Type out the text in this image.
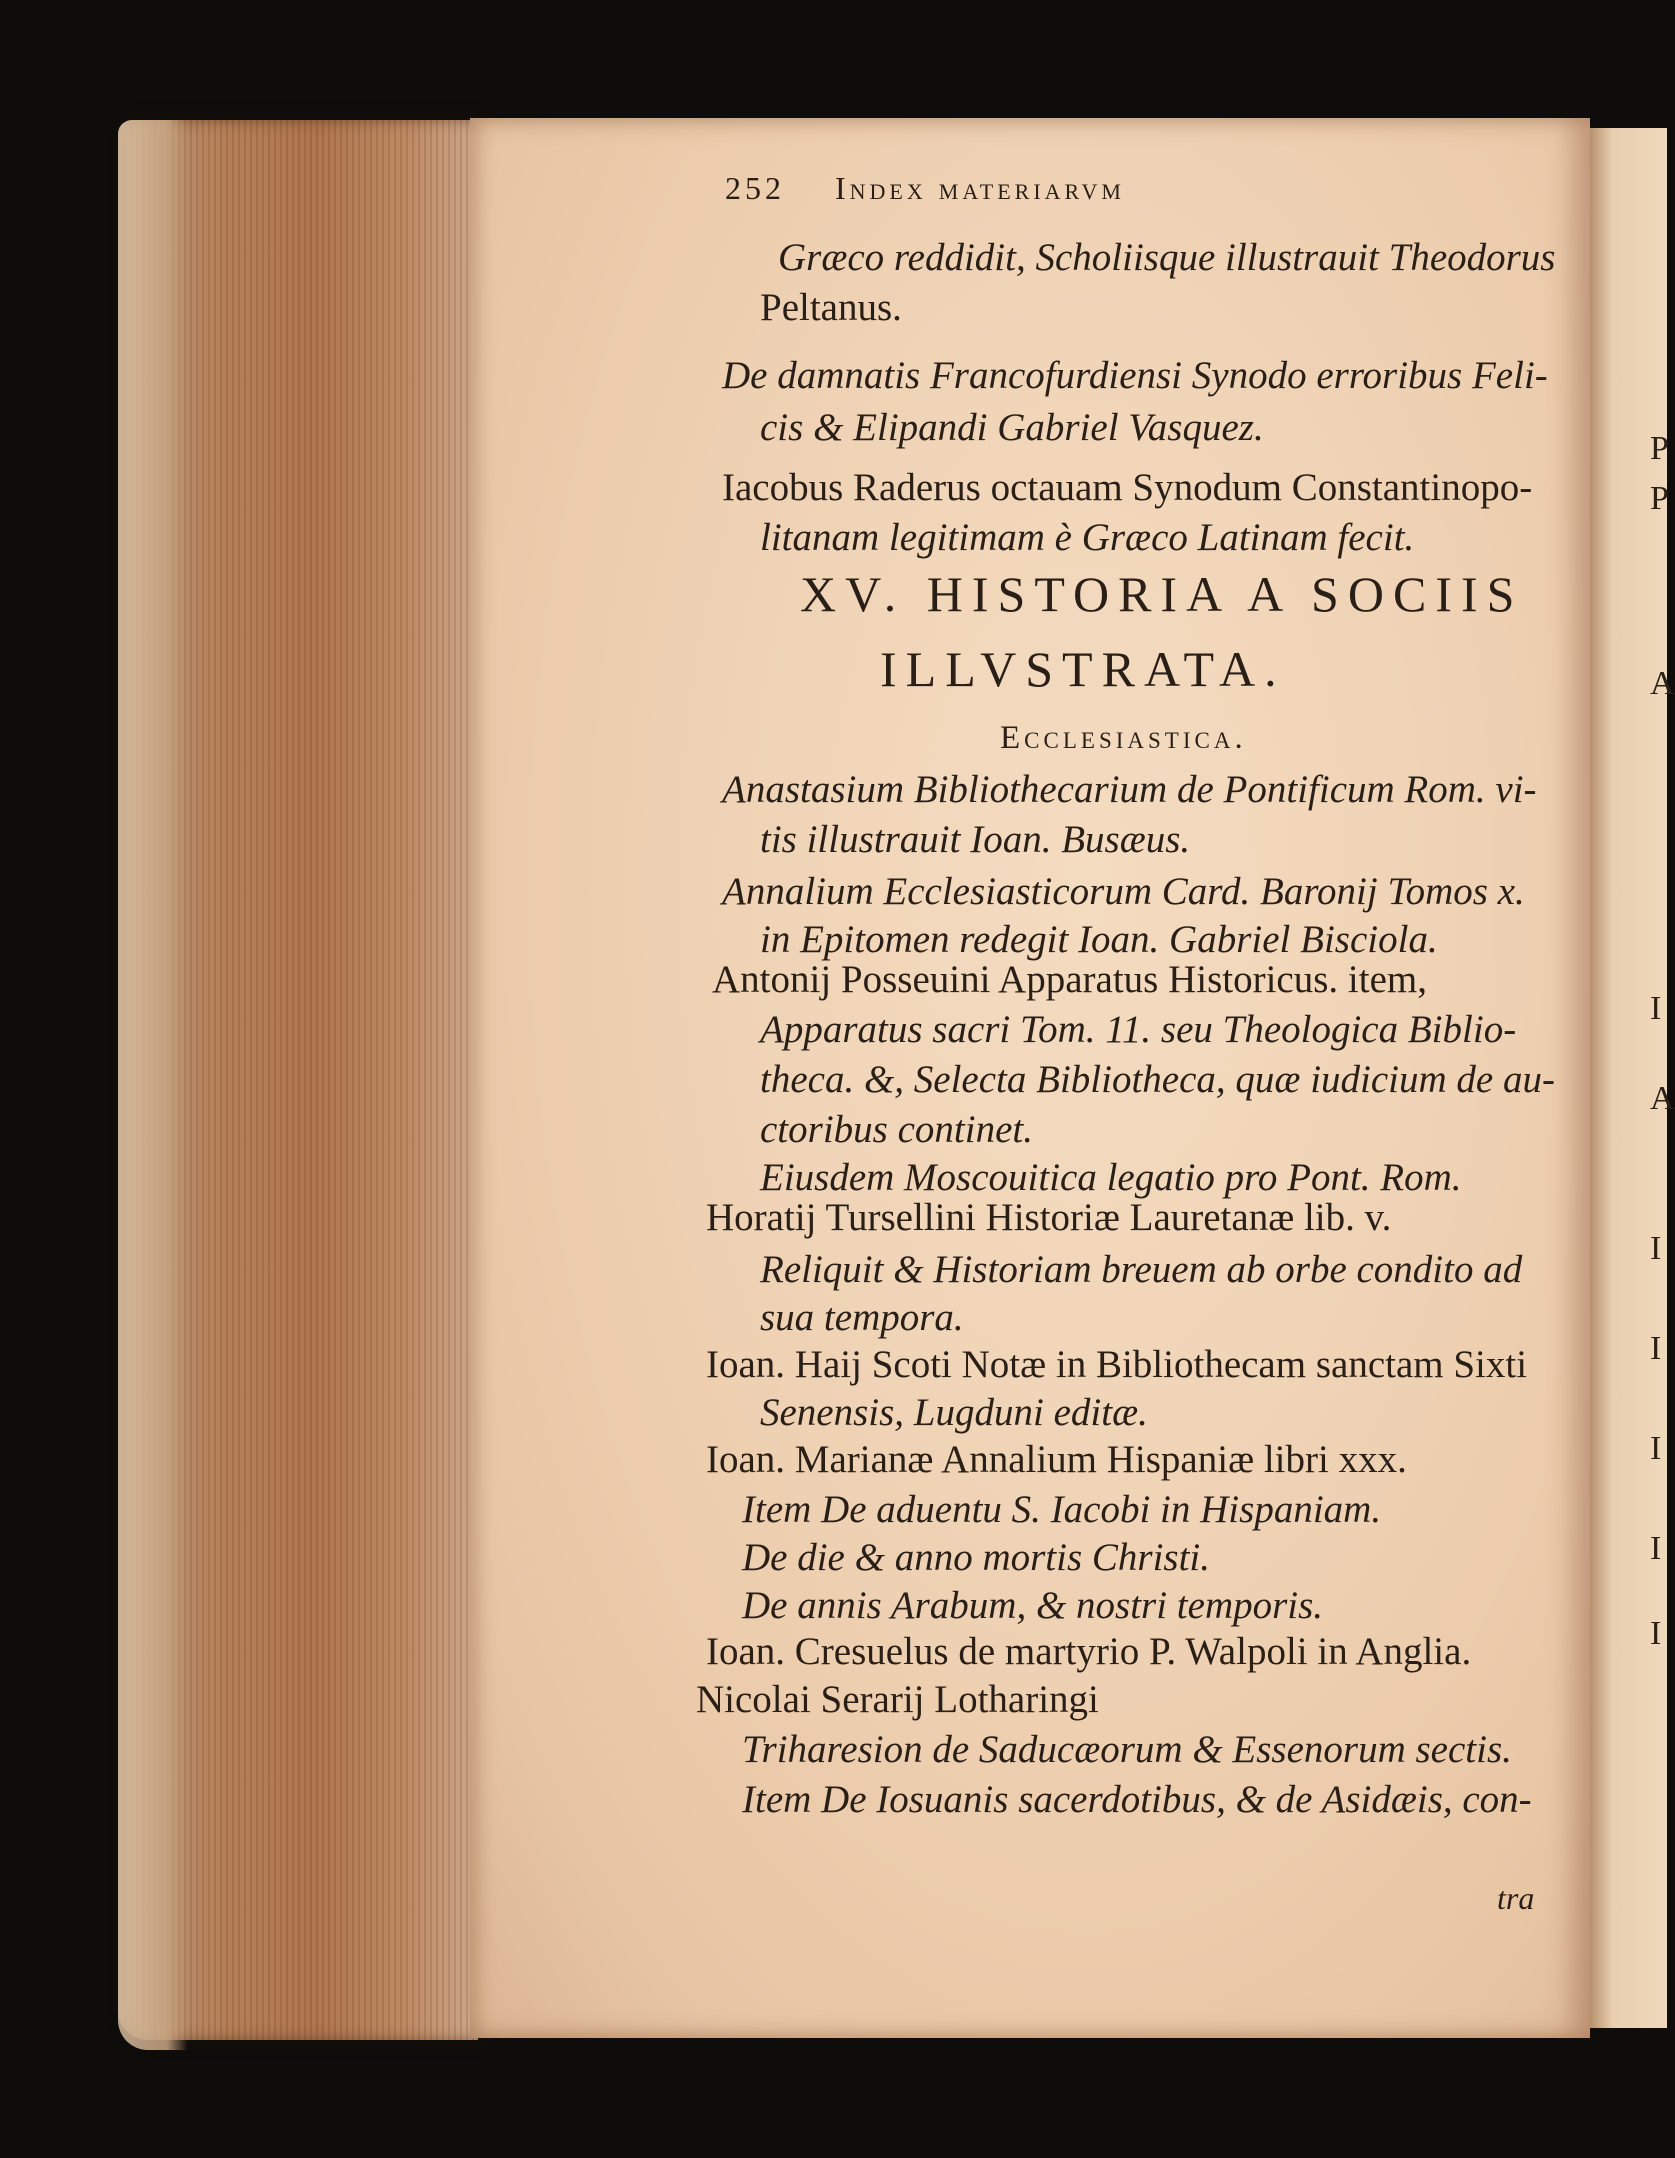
252 Index materiarvm
Græco reddidit, Scholiisque illustrauit Theodorus
Peltanus.
De damnatis Francofurdiensi Synodo erroribus Feli-
cis & Elipandi Gabriel Vasquez.
Iacobus Raderus octauam Synodum Constantinopo-
litanam legitimam è Græco Latinam fecit.
Anastasium Bibliothecarium de Pontificum Rom. vi-
tis illustrauit Ioan. Busæus.
Annalium Ecclesiasticorum Card. Baronij Tomos x.
in Epitomen redegit Ioan. Gabriel Bisciola.
Antonij Posseuini Apparatus Historicus. item,
Apparatus sacri Tom. 11. seu Theologica Biblio-
theca. &, Selecta Bibliotheca, quæ iudicium de au-
ctoribus continet.
Eiusdem Moscouitica legatio pro Pont. Rom.
Horatij Tursellini Historiæ Lauretanæ lib. v.
Reliquit & Historiam breuem ab orbe condito ad
sua tempora.
Ioan. Haij Scoti Notæ in Bibliothecam sanctam Sixti
Senensis, Lugduni editæ.
Ioan. Marianæ Annalium Hispaniæ libri xxx.
Item De aduentu S. Iacobi in Hispaniam.
De die & anno mortis Christi.
De annis Arabum, & nostri temporis.
Ioan. Cresuelus de martyrio P. Walpoli in Anglia.
Nicolai Serarij Lotharingi
Triharesion de Saducæorum & Essenorum sectis.
Item De Iosuanis sacerdotibus, & de Asidæis, con-
XV. HISTORIA A SOCIIS
ILLVSTRATA.
Ecclesiastica.
tra
P
P
A
I
A
I
I
I
I
I
